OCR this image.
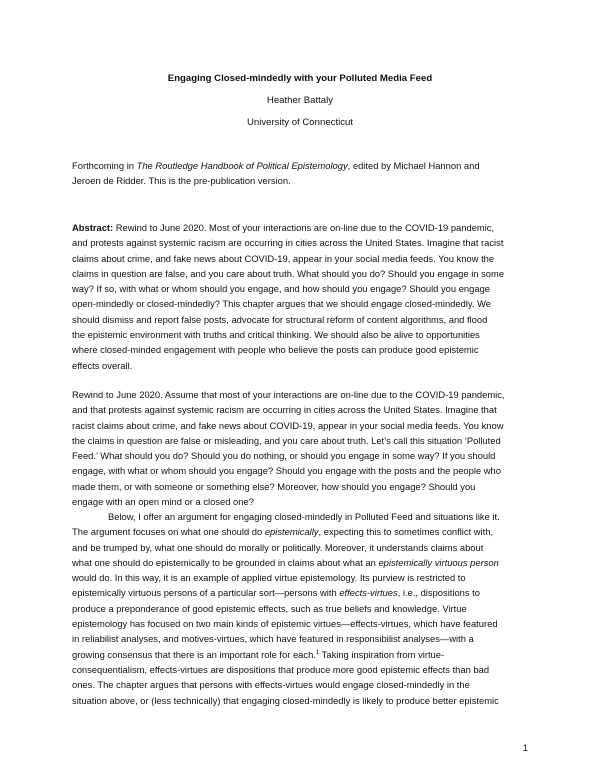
Engaging Closed-mindedly with your Polluted Media Feed
Heather Battaly
University of Connecticut
Forthcoming in The Routledge Handbook of Political Epistemology, edited by Michael Hannon and
Jeroen de Ridder. This is the pre-publication version.
Abstract: Rewind to June 2020. Most of your interactions are on-line due to the COVID-19 pandemic,
and protests against systemic racism are occurring in cities across the United States. Imagine that racist
claims about crime, and fake news about COVID-19, appear in your social media feeds. You know the
claims in question are false, and you care about truth. What should you do? Should you engage in some
way? If so, with what or whom should you engage, and how should you engage? Should you engage
open-mindedly or closed-mindedly? This chapter argues that we should engage closed-mindedly. We
should dismiss and report false posts, advocate for structural reform of content algorithms, and flood
the epistemic environment with truths and critical thinking. We should also be alive to opportunities
where closed-minded engagement with people who believe the posts can produce good epistemic
effects overall.
Rewind to June 2020. Assume that most of your interactions are on-line due to the COVID-19 pandemic,
and that protests against systemic racism are occurring in cities across the United States. Imagine that
racist claims about crime, and fake news about COVID-19, appear in your social media feeds. You know
the claims in question are false or misleading, and you care about truth. Let’s call this situation ‘Polluted
Feed.’ What should you do? Should you do nothing, or should you engage in some way? If you should
engage, with what or whom should you engage? Should you engage with the posts and the people who
made them, or with someone or something else? Moreover, how should you engage? Should you
engage with an open mind or a closed one?
Below, I offer an argument for engaging closed-mindedly in Polluted Feed and situations like it.
The argument focuses on what one should do epistemically, expecting this to sometimes conflict with,
and be trumped by, what one should do morally or politically. Moreover, it understands claims about
what one should do epistemically to be grounded in claims about what an epistemically virtuous person
would do. In this way, it is an example of applied virtue epistemology. Its purview is restricted to
epistemically virtuous persons of a particular sort—persons with effects-virtues, i.e., dispositions to
produce a preponderance of good epistemic effects, such as true beliefs and knowledge. Virtue
epistemology has focused on two main kinds of epistemic virtues—effects-virtues, which have featured
in reliabilist analyses, and motives-virtues, which have featured in responsibilist analyses—with a
growing consensus that there is an important role for each.$^1$ Taking inspiration from virtue-
consequentialism, effects-virtues are dispositions that produce more good epistemic effects than bad
ones. The chapter argues that persons with effects-virtues would engage closed-mindedly in the
situation above, or (less technically) that engaging closed-mindedly is likely to produce better epistemic
1
